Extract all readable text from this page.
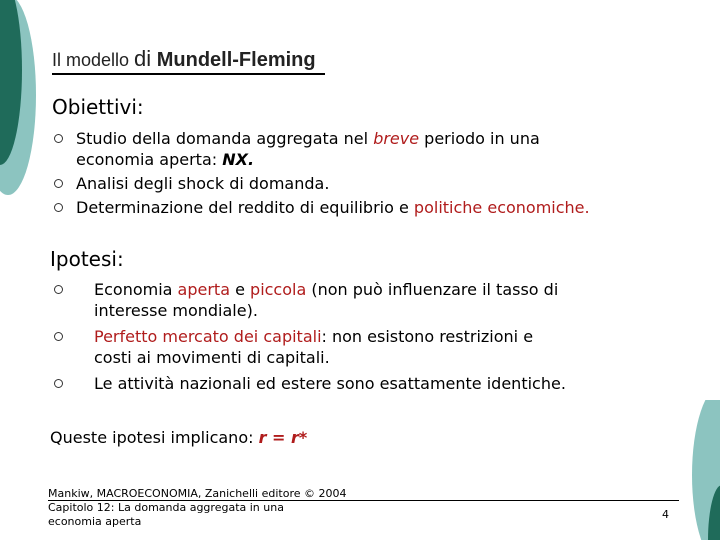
Il modello di Mundell-Fleming
Obiettivi:
Studio della domanda aggregata nel breve periodo in una
economia aperta: NX.
Analisi degli shock di domanda.
Determinazione del reddito di equilibrio e politiche economiche.
Ipotesi:
Economia aperta e piccola (non può influenzare il tasso di
interesse mondiale).
Perfetto mercato dei capitali: non esistono restrizioni e
costi ai movimenti di capitali.
Le attività nazionali ed estere sono esattamente identiche.
Queste ipotesi implicano: r = r*
Mankiw, MACROECONOMIA, Zanichelli editore © 2004
Capitolo 12: La domanda aggregata in una
economia aperta
4
